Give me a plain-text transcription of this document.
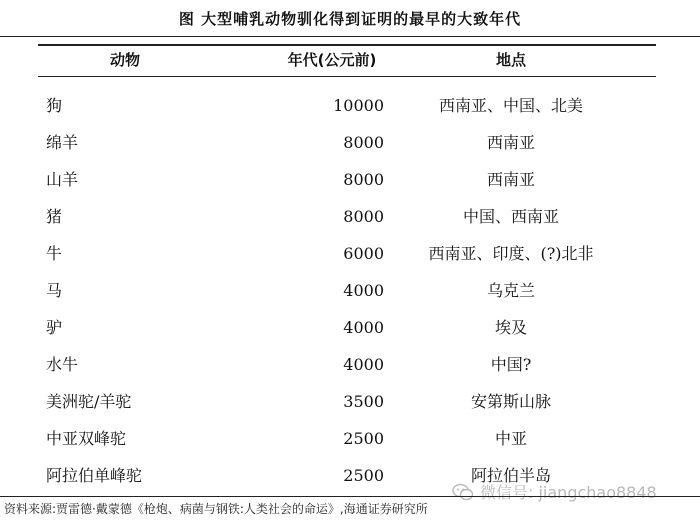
图 大型哺乳动物驯化得到证明的最早的大致年代
动物	年代(公元前)	地点
狗	10000	西南亚、中国、北美
绵羊	8000	西南亚
山羊	8000	西南亚
猪	8000	中国、西南亚
牛	6000	西南亚、印度、(?)北非
马	4000	乌克兰
驴	4000	埃及
水牛	4000	中国?
美洲驼/羊驼	3500	安第斯山脉
中亚双峰驼	2500	中亚
阿拉伯单峰驼	2500	阿拉伯半岛
微信号: jiangchao8848
资料来源:贾雷德·戴蒙德《枪炮、病菌与钢铁:人类社会的命运》,海通证券研究所
